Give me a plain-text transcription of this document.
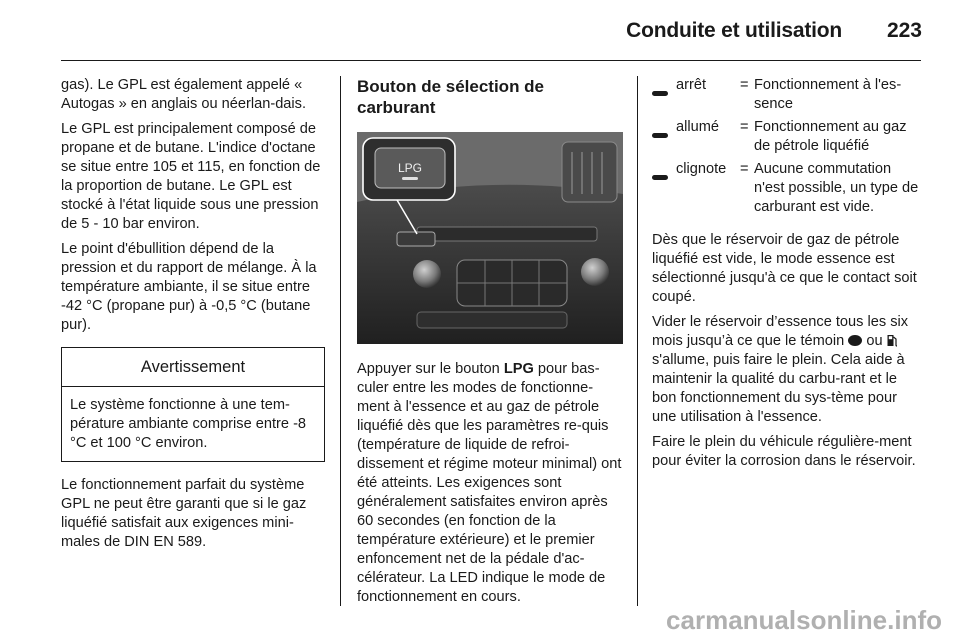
Conduite et utilisation 223

gas). Le GPL est également appelé « Autogas » en anglais ou néerlan-dais.

Le GPL est principalement composé de propane et de butane. L'indice d'octane se situe entre 105 et 115, en fonction de la proportion de butane. Le GPL est stocké à l'état liquide sous une pression de 5 - 10 bar environ.

Le point d'ébullition dépend de la pression et du rapport de mélange. À la température ambiante, il se situe entre -42 °C (propane pur) à -0,5 °C (butane pur).

Avertissement
Le système fonctionne à une tem-pérature ambiante comprise entre -8 °C et 100 °C environ.

Le fonctionnement parfait du système GPL ne peut être garanti que si le gaz liquéfié satisfait aux exigences mini-males de DIN EN 589.

Bouton de sélection de carburant
LPG

Appuyer sur le bouton LPG pour bas-culer entre les modes de fonctionne-ment à l'essence et au gaz de pétrole liquéfié dès que les paramètres re-quis (température de liquide de refroi-dissement et régime moteur minimal) ont été atteints. Les exigences sont généralement satisfaites environ après 60 secondes (en fonction de la température extérieure) et le premier enfoncement net de la pédale d'ac-célérateur. La LED indique le mode de fonctionnement en cours.

	arrêt	=	Fonctionnement à l'es-sence
	allumé	=	Fonctionnement au gaz de pétrole liquéfié
	clignote	=	Aucune commutation n'est possible, un type de carburant est vide.

Dès que le réservoir de gaz de pétrole liquéfié est vide, le mode essence est sélectionné jusqu'à ce que le contact soit coupé.

Vider le réservoir d’essence tous les six mois jusqu’à ce que le témoin  ou  s'allume, puis faire le plein. Cela aide à maintenir la qualité du carbu-rant et le bon fonctionnement du sys-tème pour une utilisation à l'essence.

Faire le plein du véhicule régulière-ment pour éviter la corrosion dans le réservoir.

carmanualsonline.info
